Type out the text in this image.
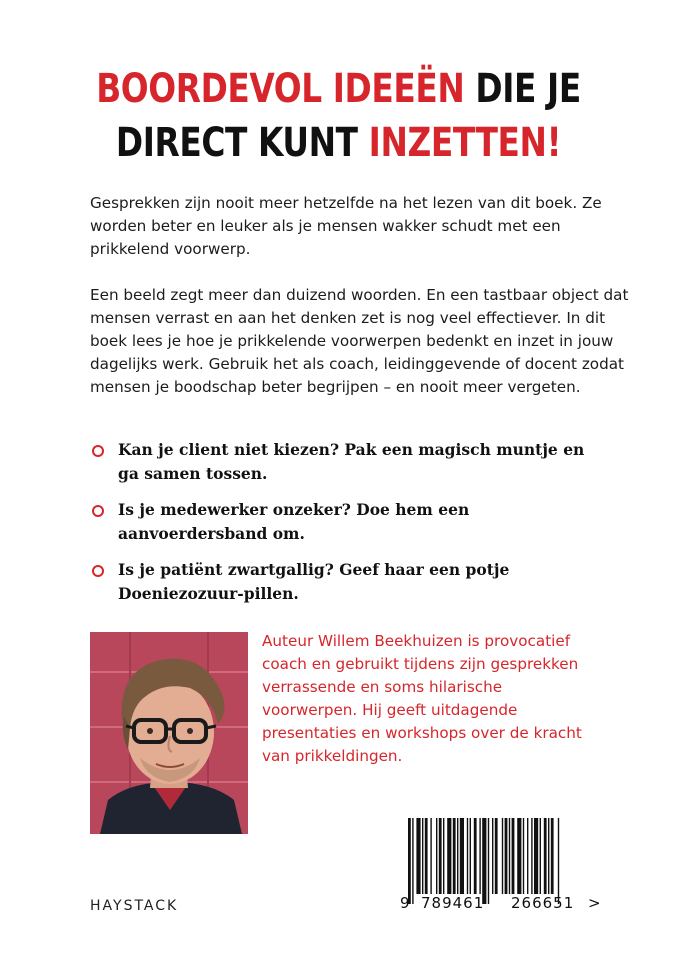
BOORDEVOL IDEEËN DIE JE
DIRECT KUNT INZETTEN!

Gesprekken zijn nooit meer hetzelfde na het lezen van dit boek. Ze worden beter en leuker als je mensen wakker schudt met een prikkelend voorwerp.

Een beeld zegt meer dan duizend woorden. En een tastbaar object dat mensen verrast en aan het denken zet is nog veel effectiever. In dit boek lees je hoe je prikkelende voorwerpen bedenkt en inzet in jouw dagelijks werk. Gebruik het als coach, leidinggevende of docent zodat mensen je boodschap beter begrijpen – en nooit meer vergeten.

Kan je client niet kiezen? Pak een magisch muntje en ga samen tossen.
Is je medewerker onzeker? Doe hem een aanvoerdersband om.
Is je patiënt zwartgallig? Geef haar een potje Doeniezozuur-pillen.

Auteur Willem Beekhuizen is provocatief coach en gebruikt tijdens zijn gesprekken verrassende en soms hilarische voorwerpen. Hij geeft uitdagende presentaties en workshops over de kracht van prikkeldingen.

HAYSTACK	9 789461 266651 >
